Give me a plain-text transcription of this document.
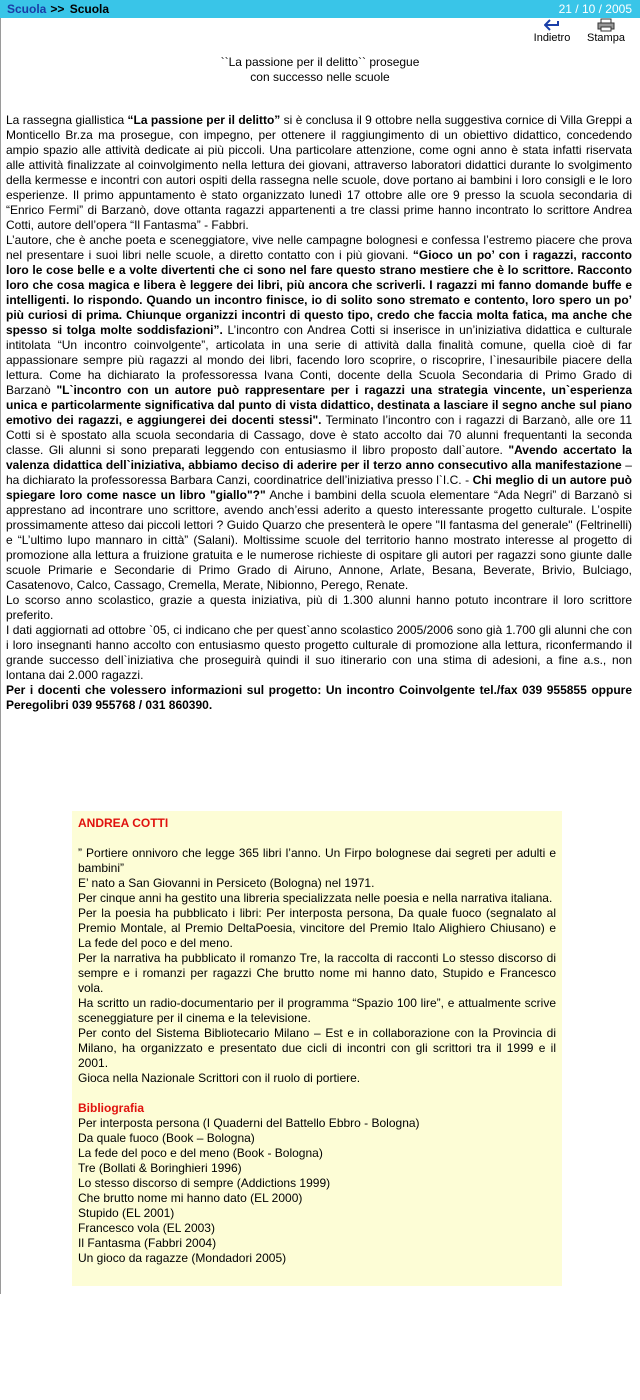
Scuola >> Scuola	21 / 10 / 2005
Indietro	Stampa
``La passione per il delitto`` prosegue
con successo nelle scuole

La rassegna giallistica “La passione per il delitto” si è conclusa il 9 ottobre nella suggestiva cornice di Villa Greppi a Monticello Br.za ma prosegue, con impegno, per ottenere il raggiungimento di un obiettivo didattico, concedendo ampio spazio alle attività dedicate ai più piccoli. Una particolare attenzione, come ogni anno è stata infatti riservata alle attività finalizzate al coinvolgimento nella lettura dei giovani, attraverso laboratori didattici durante lo svolgimento della kermesse e incontri con autori ospiti della rassegna nelle scuole, dove portano ai bambini i loro consigli e le loro esperienze. Il primo appuntamento è stato organizzato lunedì 17 ottobre alle ore 9 presso la scuola secondaria di “Enrico Fermi” di Barzanò, dove ottanta ragazzi appartenenti a tre classi prime hanno incontrato lo scrittore Andrea Cotti, autore dell’opera “Il Fantasma” - Fabbri.

L’autore, che è anche poeta e sceneggiatore, vive nelle campagne bolognesi e confessa l’estremo piacere che prova nel presentare i suoi libri nelle scuole, a diretto contatto con i più giovani. “Gioco un po’ con i ragazzi, racconto loro le cose belle e a volte divertenti che ci sono nel fare questo strano mestiere che è lo scrittore. Racconto loro che cosa magica e libera è leggere dei libri, più ancora che scriverli. I ragazzi mi fanno domande buffe e intelligenti. Io rispondo. Quando un incontro finisce, io di solito sono stremato e contento, loro spero un po’ più curiosi di prima. Chiunque organizzi incontri di questo tipo, credo che faccia molta fatica, ma anche che spesso si tolga molte soddisfazioni”. L’incontro con Andrea Cotti si inserisce in un’iniziativa didattica e culturale intitolata “Un incontro coinvolgente”, articolata in una serie di attività dalla finalità comune, quella cioè di far appassionare sempre più ragazzi al mondo dei libri, facendo loro scoprire, o riscoprire, l`inesauribile piacere della lettura. Come ha dichiarato la professoressa Ivana Conti, docente della Scuola Secondaria di Primo Grado di Barzanò "L`incontro con un autore può rappresentare per i ragazzi una strategia vincente, un`esperienza unica e particolarmente significativa dal punto di vista didattico, destinata a lasciare il segno anche sul piano emotivo dei ragazzi, e aggiungerei dei docenti stessi". Terminato l’incontro con i ragazzi di Barzanò, alle ore 11 Cotti si è spostato alla scuola secondaria di Cassago, dove è stato accolto dai 70 alunni frequentanti la seconda classe. Gli alunni si sono preparati leggendo con entusiasmo il libro proposto dall`autore. "Avendo accertato la valenza didattica dell`iniziativa, abbiamo deciso di aderire per il terzo anno consecutivo alla manifestazione – ha dichiarato la professoressa Barbara Canzi, coordinatrice dell’iniziativa presso l`I.C. - Chi meglio di un autore può spiegare loro come nasce un libro "giallo"?" Anche i bambini della scuola elementare “Ada Negri” di Barzanò si apprestano ad incontrare uno scrittore, avendo anch’essi aderito a questo interessante progetto culturale. L’ospite prossimamente atteso dai piccoli lettori ? Guido Quarzo che presenterà le opere "Il fantasma del generale" (Feltrinelli) e “L’ultimo lupo mannaro in città” (Salani). Moltissime scuole del territorio hanno mostrato interesse al progetto di promozione alla lettura a fruizione gratuita e le numerose richieste di ospitare gli autori per ragazzi sono giunte dalle scuole Primarie e Secondarie di Primo Grado di Airuno, Annone, Arlate, Besana, Beverate, Brivio, Bulciago, Casatenovo, Calco, Cassago, Cremella, Merate, Nibionno, Perego, Renate.

Lo scorso anno scolastico, grazie a questa iniziativa, più di 1.300 alunni hanno potuto incontrare il loro scrittore preferito.

I dati aggiornati ad ottobre `05, ci indicano che per quest`anno scolastico 2005/2006 sono già 1.700 gli alunni che con i loro insegnanti hanno accolto con entusiasmo questo progetto culturale di promozione alla lettura, riconfermando il grande successo dell`iniziativa che proseguirà quindi il suo itinerario con una stima di adesioni, a fine a.s., non lontana dai 2.000 ragazzi.

Per i docenti che volessero informazioni sul progetto: Un incontro Coinvolgente tel./fax 039 955855 oppure Peregolibri 039 955768 / 031 860390.

ANDREA COTTI

” Portiere onnivoro che legge 365 libri l’anno. Un Firpo bolognese dai segreti per adulti e bambini”

E’ nato a San Giovanni in Persiceto (Bologna) nel 1971.

Per cinque anni ha gestito una libreria specializzata nelle poesia e nella narrativa italiana.

Per la poesia ha pubblicato i libri: Per interposta persona, Da quale fuoco (segnalato al Premio Montale, al Premio DeltaPoesia, vincitore del Premio Italo Alighiero Chiusano) e La fede del poco e del meno.

Per la narrativa ha pubblicato il romanzo Tre, la raccolta di racconti Lo stesso discorso di sempre e i romanzi per ragazzi Che brutto nome mi hanno dato, Stupido e Francesco vola.

Ha scritto un radio-documentario per il programma “Spazio 100 lire”, e attualmente scrive sceneggiature per il cinema e la televisione.

Per conto del Sistema Bibliotecario Milano – Est e in collaborazione con la Provincia di Milano, ha organizzato e presentato due cicli di incontri con gli scrittori tra il 1999 e il 2001.

Gioca nella Nazionale Scrittori con il ruolo di portiere.

Bibliografia

Per interposta persona (I Quaderni del Battello Ebbro - Bologna)

Da quale fuoco (Book – Bologna)

La fede del poco e del meno (Book - Bologna)

Tre (Bollati & Boringhieri 1996)

Lo stesso discorso di sempre (Addictions 1999)

Che brutto nome mi hanno dato (EL 2000)

Stupido (EL 2001)

Francesco vola (EL 2003)

Il Fantasma (Fabbri 2004)

Un gioco da ragazze (Mondadori 2005)
